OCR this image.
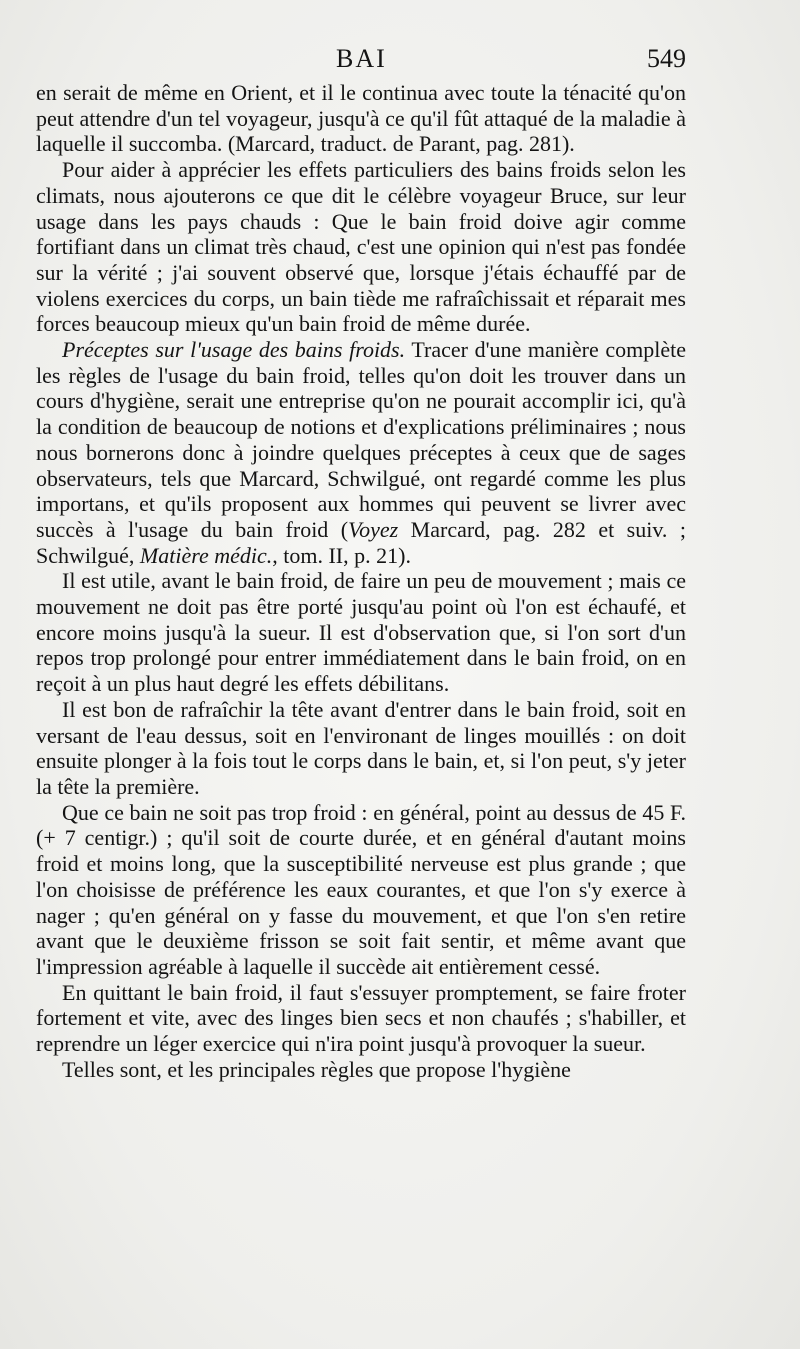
BAI	549

en serait de même en Orient, et il le continua avec toute la ténacité qu'on peut attendre d'un tel voyageur, jusqu'à ce qu'il fût attaqué de la maladie à laquelle il succomba. (Marcard, traduct. de Parant, pag. 281).

Pour aider à apprécier les effets particuliers des bains froids selon les climats, nous ajouterons ce que dit le célèbre voyageur Bruce, sur leur usage dans les pays chauds : Que le bain froid doive agir comme fortifiant dans un climat très chaud, c'est une opinion qui n'est pas fondée sur la vérité ; j'ai souvent observé que, lorsque j'étais échauffé par de violens exercices du corps, un bain tiède me rafraîchissait et réparait mes forces beaucoup mieux qu'un bain froid de même durée.

Préceptes sur l'usage des bains froids. Tracer d'une manière complète les règles de l'usage du bain froid, telles qu'on doit les trouver dans un cours d'hygiène, serait une entreprise qu'on ne pourait accomplir ici, qu'à la condition de beaucoup de notions et d'explications préliminaires ; nous nous bornerons donc à joindre quelques préceptes à ceux que de sages observateurs, tels que Marcard, Schwilgué, ont regardé comme les plus importans, et qu'ils proposent aux hommes qui peuvent se livrer avec succès à l'usage du bain froid (Voyez Marcard, pag. 282 et suiv. ; Schwilgué, Matière médic., tom. II, p. 21).

Il est utile, avant le bain froid, de faire un peu de mouvement ; mais ce mouvement ne doit pas être porté jusqu'au point où l'on est échaufé, et encore moins jusqu'à la sueur. Il est d'observation que, si l'on sort d'un repos trop prolongé pour entrer immédiatement dans le bain froid, on en reçoit à un plus haut degré les effets débilitans.

Il est bon de rafraîchir la tête avant d'entrer dans le bain froid, soit en versant de l'eau dessus, soit en l'environant de linges mouillés : on doit ensuite plonger à la fois tout le corps dans le bain, et, si l'on peut, s'y jeter la tête la première.

Que ce bain ne soit pas trop froid : en général, point au dessus de 45 F. (+ 7 centigr.) ; qu'il soit de courte durée, et en général d'autant moins froid et moins long, que la susceptibilité nerveuse est plus grande ; que l'on choisisse de préférence les eaux courantes, et que l'on s'y exerce à nager ; qu'en général on y fasse du mouvement, et que l'on s'en retire avant que le deuxième frisson se soit fait sentir, et même avant que l'impression agréable à laquelle il succède ait entièrement cessé.

En quittant le bain froid, il faut s'essuyer promptement, se faire froter fortement et vite, avec des linges bien secs et non chaufés ; s'habiller, et reprendre un léger exercice qui n'ira point jusqu'à provoquer la sueur.

Telles sont, et les principales règles que propose l'hygiène
